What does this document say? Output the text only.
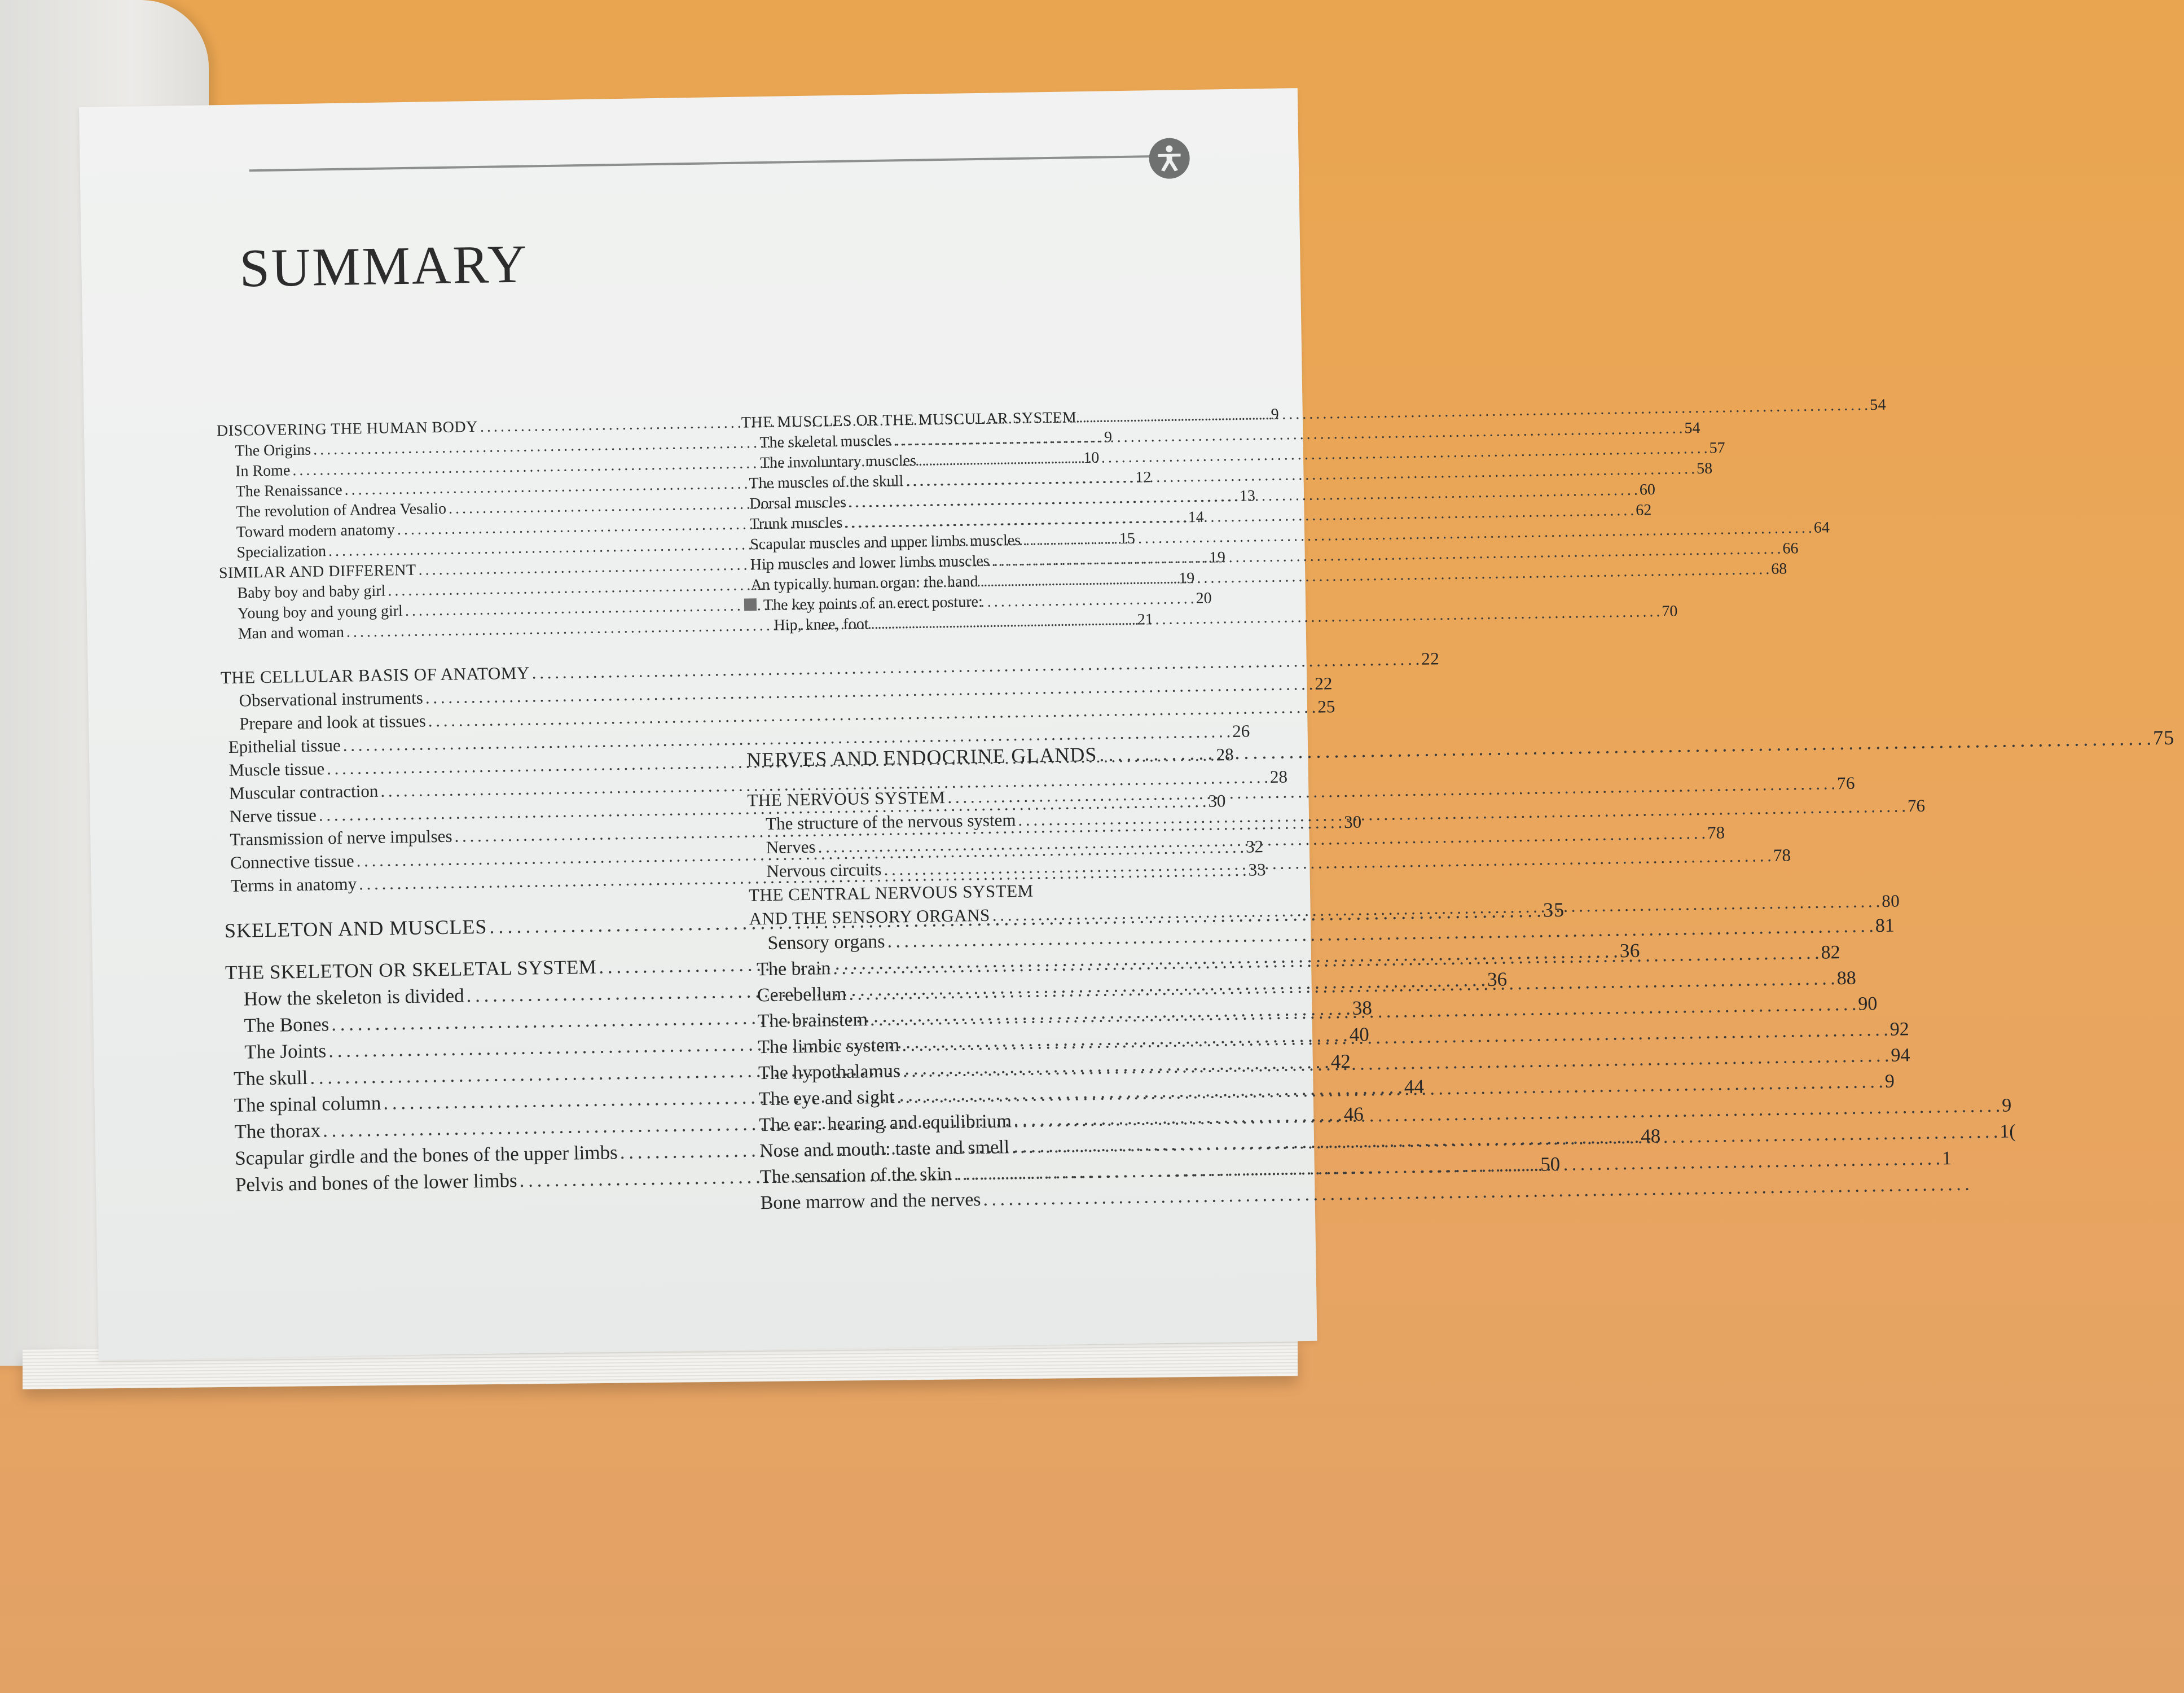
SUMMARY
DISCOVERING THE HUMAN BODY
. . .
9
The Origins
. . .
9
In Rome
. . .
10
The Renaissance
. . .
12
The revolution of Andrea Vesalio
. . .
13
Toward modern anatomy
. . .
14
Specialization
. . .
15
SIMILAR AND DIFFERENT
. . .
19
Baby boy and baby girl
. . .
19
Young boy and young girl
. . .
20
Man and woman
. . .
21
THE CELLULAR BASIS OF ANATOMY
. . .
22
Observational instruments
. . .
22
Prepare and look at tissues
. . .
25
Epithelial tissue
. . .
26
Muscle tissue
. . .
28
Muscular contraction
. . .
28
Nerve tissue
. . .
30
Transmission of nerve impulses
. . .
30
Connective tissue
. . .
32
Terms in anatomy
. . .
33
SKELETON AND MUSCLES
. . .
35
THE SKELETON OR SKELETAL SYSTEM
. . .
36
How the skeleton is divided
. . .
36
The Bones
. . .
38
The Joints
. . .
40
The skull
. . .
42
The spinal column
. . .
44
The thorax
. . .
46
Scapular girdle and the bones of the upper limbs
. . .
48
Pelvis and bones of the lower limbs
. . .
50
THE MUSCLES OR THE MUSCULAR SYSTEM
. . .
54
The skeletal muscles
. . .
54
The involuntary muscles
. . .
57
The muscles of the skull
. . .
58
Dorsal muscles
. . .
60
Trunk muscles
. . .
62
Scapular muscles and upper limbs muscles
. . .
64
Hip muscles and lower limbs muscles
. . .
66
An typically human organ: the hand
. . .
68
The key points of an erect posture:
Hip, knee, foot
. . .
70
NERVES AND ENDOCRINE GLANDS
. . .
75
THE NERVOUS SYSTEM
. . .
76
The structure of the nervous system
. . .
76
Nerves
. . .
78
Nervous circuits
. . .
78
THE CENTRAL NERVOUS SYSTEM
AND THE SENSORY ORGANS
. . .
80
Sensory organs
. . .
81
The brain
. . .
82
Cerebellum
. . .
88
The brainstem
. . .
90
The limbic system
. . .
92
The hypothalamus
. . .
94
The eye and sight
. . .
9
The ear: hearing and equilibrium
. . .
9
Nose and mouth: taste and smell
. . .
1(
The sensation of the skin
. . .
1
Bone marrow and the nerves
. . .
